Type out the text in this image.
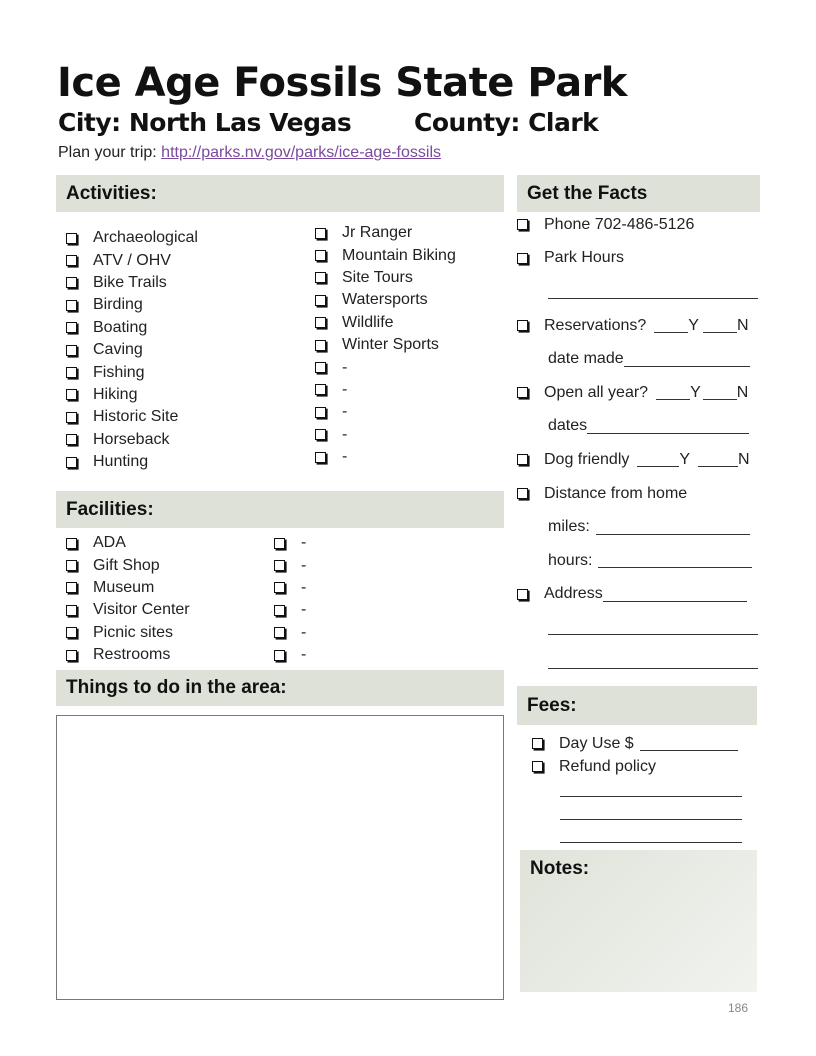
Ice Age Fossils State Park
City: North Las Vegas	County: Clark
Plan your trip: http://parks.nv.gov/parks/ice-age-fossils
Activities:
Archaeological
ATV / OHV
Bike Trails
Birding
Boating
Caving
Fishing
Hiking
Historic Site
Horseback
Hunting
Jr Ranger
Mountain Biking
Site Tours
Watersports
Wildlife
Winter Sports
-
-
-
-
-
Facilities:
ADA
Gift Shop
Museum
Visitor Center
Picnic sites
Restrooms
-
-
-
-
-
-
Things to do in the area:
Get the Facts
Phone 702-486-5126
Park Hours
Reservations?	Y N
date made
Open all year?	Y N
dates
Dog friendly	Y	N
Distance from home
miles:
hours:
Address
Fees:
Day Use $
Refund policy
Notes:
186
